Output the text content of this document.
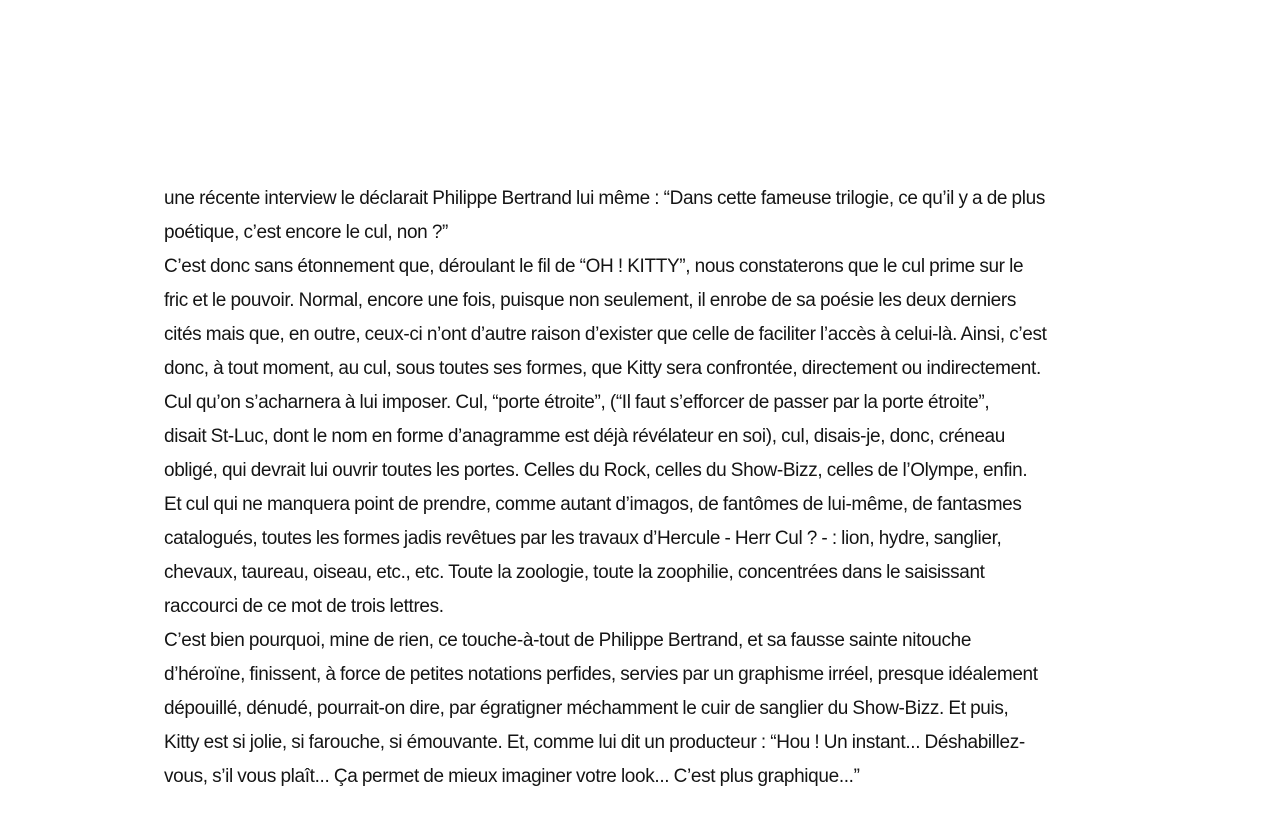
une récente interview le déclarait Philippe Bertrand lui même : “Dans cette fameuse trilogie, ce qu’il y a de plus
poétique, c’est encore le cul, non ?”
C’est donc sans étonnement que, déroulant le fil de “OH ! KITTY”, nous constaterons que le cul prime sur le
fric et le pouvoir. Normal, encore une fois, puisque non seulement, il enrobe de sa poésie les deux derniers
cités mais que, en outre, ceux-ci n’ont d’autre raison d’exister que celle de faciliter l’accès à celui-là. Ainsi, c’est
donc, à tout moment, au cul, sous toutes ses formes, que Kitty sera confrontée, directement ou indirectement.
Cul qu’on s’acharnera à lui imposer. Cul, “porte étroite”, (“Il faut s’efforcer de passer par la porte étroite”,
disait St-Luc, dont le nom en forme d’anagramme est déjà révélateur en soi), cul, disais-je, donc, créneau
obligé, qui devrait lui ouvrir toutes les portes. Celles du Rock, celles du Show-Bizz, celles de l’Olympe, enfin.
Et cul qui ne manquera point de prendre, comme autant d’imagos, de fantômes de lui-même, de fantasmes
catalogués, toutes les formes jadis revêtues par les travaux d’Hercule - Herr Cul ? - : lion, hydre, sanglier,
chevaux, taureau, oiseau, etc., etc. Toute la zoologie, toute la zoophilie, concentrées dans le saisissant
raccourci de ce mot de trois lettres.
C’est bien pourquoi, mine de rien, ce touche-à-tout de Philippe Bertrand, et sa fausse sainte nitouche
d’héroïne, finissent, à force de petites notations perfides, servies par un graphisme irréel, presque idéalement
dépouillé, dénudé, pourrait-on dire, par égratigner méchamment le cuir de sanglier du Show-Bizz. Et puis,
Kitty est si jolie, si farouche, si émouvante. Et, comme lui dit un producteur : “Hou ! Un instant... Déshabillez-
vous, s’il vous plaît... Ça permet de mieux imaginer votre look... C’est plus graphique...”
